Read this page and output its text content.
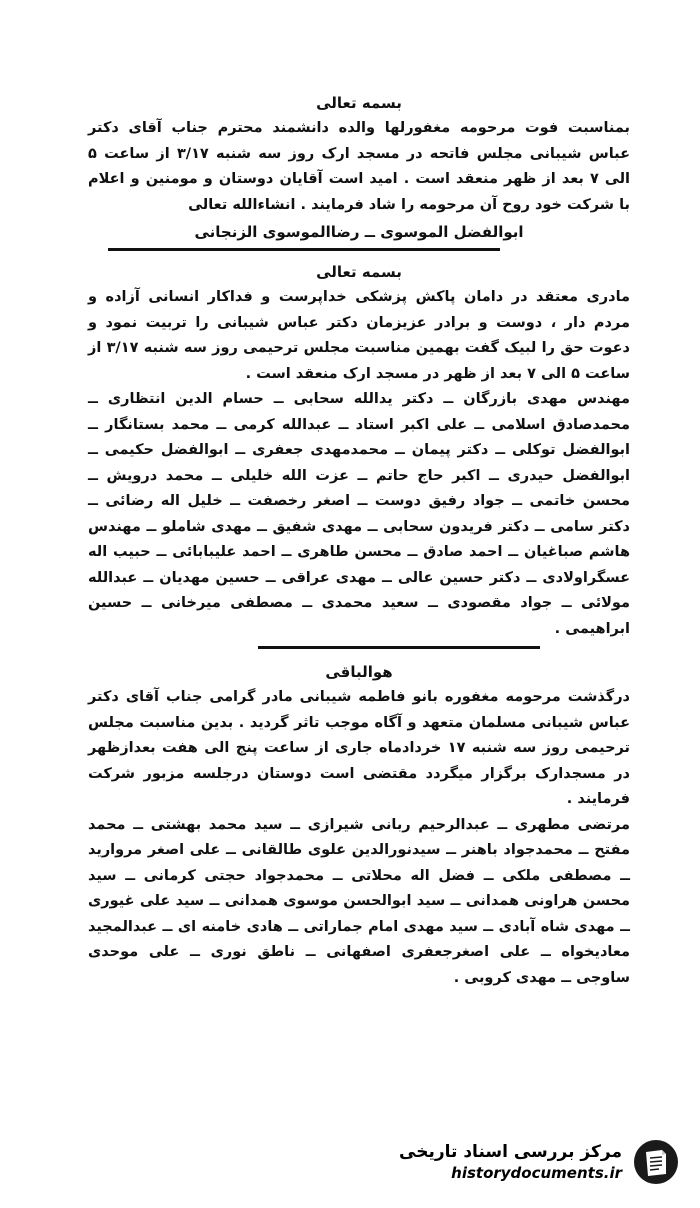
بسمه تعالی

بمناسبت فوت مرحومه مغفورلها والده دانشمند محترم جناب آقای دکتر عباس شیبانی مجلس فاتحه در مسجد ارک روز سه شنبه ۳/۱۷ از ساعت ۵ الی ۷ بعد از ظهر منعقد است . امید است آقایان دوستان و مومنین و اعلام با شرکت خود روح آن مرحومه را شاد فرمایند . انشاءالله تعالی

ابوالفضل الموسوی ــ رضاالموسوی الزنجانی
بسمه تعالی

مادری معتقد در دامان پاکش پزشکی خداپرست و فداکار انسانی آزاده و مردم دار ، دوست و برادر عزیزمان دکتر عباس شیبانی را تربیت نمود و دعوت حق را لبیک گفت بهمین مناسبت مجلس ترحیمی روز سه شنبه ۳/۱۷ از ساعت ۵ الی ۷ بعد از ظهر در مسجد ارک منعقد است .

مهندس مهدی بازرگان ــ دکتر یدالله سحابی ــ حسام الدین انتظاری ــ محمدصادق اسلامی ــ علی اکبر استاد ــ عبدالله کرمی ــ محمد بستانگار ــ ابوالفضل توکلی ــ دکتر پیمان ــ محمدمهدی جعفری ــ ابوالفضل حکیمی ــ ابوالفضل حیدری ــ اکبر حاج حاتم ــ عزت الله خلیلی ــ محمد درویش ــ محسن خاتمی ــ جواد رفیق دوست ــ اصغر رخصفت ــ خلیل اله رضائی ــ دکتر سامی ــ دکتر فریدون سحابی ــ مهدی شفیق ــ مهدی شاملو ــ مهندس هاشم صباغیان ــ احمد صادق ــ محسن طاهری ــ احمد علیبابائی ــ حبیب اله عسگراولادی ــ دکتر حسین عالی ــ مهدی عراقی ــ حسین مهدیان ــ عبدالله مولائی ــ جواد مقصودی ــ سعید محمدی ــ مصطفی میرخانی ــ حسین ابراهیمی .

هوالباقی

درگذشت مرحومه مغفوره بانو فاطمه شیبانی مادر گرامی جناب آقای دکتر عباس شیبانی مسلمان متعهد و آگاه موجب تاثر گردید . بدین مناسبت مجلس ترحیمی روز سه شنبه ۱۷ خردادماه جاری از ساعت پنج الی هفت بعدازظهر در مسجدارک برگزار میگردد مقتضی است دوستان درجلسه مزبور شرکت فرمایند .

مرتضی مطهری ــ عبدالرحیم ربانی شیرازی ــ سید محمد بهشتی ــ محمد مفتح ــ محمدجواد باهنر ــ سیدنورالدین علوی طالقانی ــ علی اصغر مروارید ــ مصطفی ملکی ــ فضل اله محلاتی ــ محمدجواد حجتی کرمانی ــ سید محسن هراونی همدانی ــ سید ابوالحسن موسوی همدانی ــ سید علی غیوری ــ مهدی شاه آبادی ــ سید مهدی امام جماراتی ــ هادی خامنه ای ــ عبدالمجید معادیخواه ــ علی اصغرجعفری اصفهانی ــ ناطق نوری ــ علی موحدی ساوجی ــ مهدی کروبی .

مرکز بررسی اسناد تاریخی
historydocuments.ir
